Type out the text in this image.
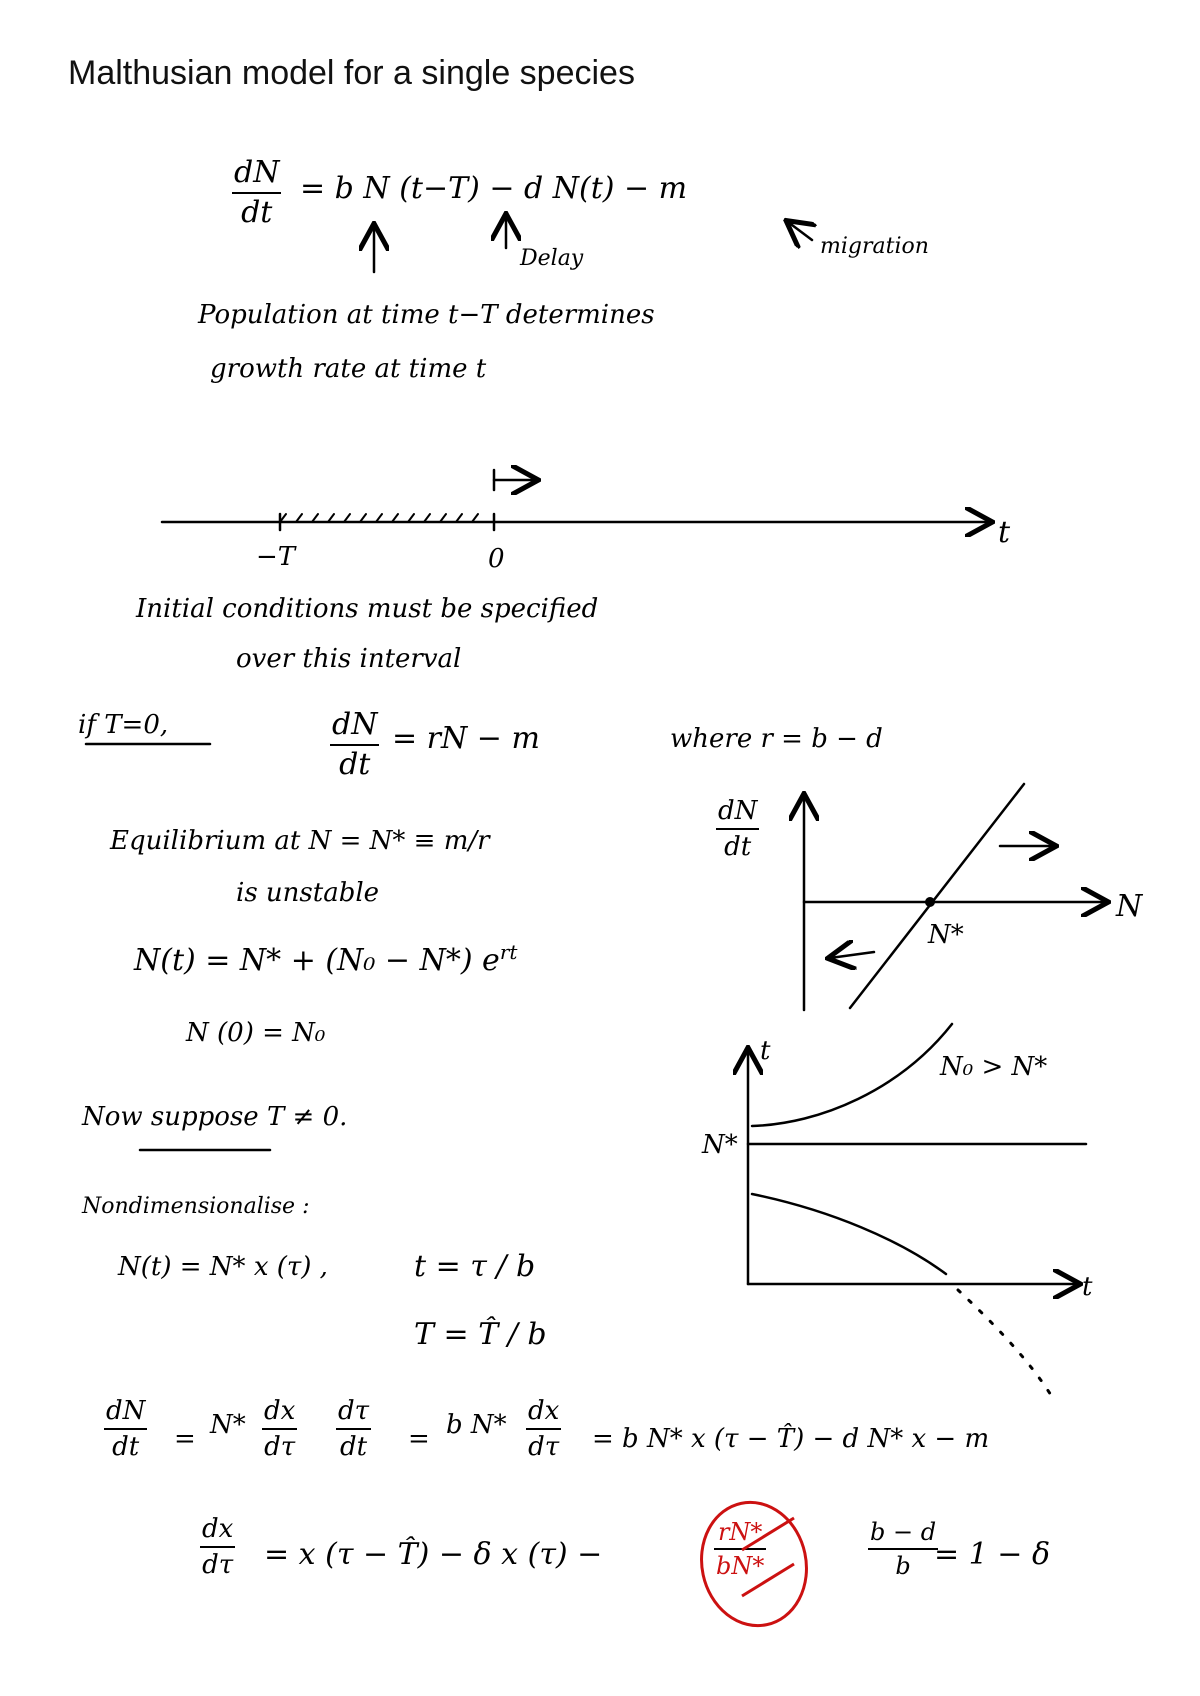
Malthusian model for a single species
dN
dt
= b N (t−T) − d N(t) − m
Delay	migration
Population at time t−T determines
growth rate at time t
−T	0
t
Initial conditions must be specified
over this interval
if T=0,	dN
dt
= rN − m	where r = b − d
Equilibrium at N = N* ≡ m/r
is unstable
N(t) = N* + (N₀ − N*) $e^{rt}$
N (0) = N₀
dN
dt
N
N*
t
t
N*
N₀ > N*
Now suppose T ≠ 0.
Nondimensionalise :
N(t) = N* x (τ) ,	t = τ / b
T = T̂ / b
dN
dt	= N* dx
dτ
dτ
dt = b N* dx
dτ = b N* x (τ − T̂) − d N* x − m
dx
dτ = x (τ − T̂) − δ x (τ) −
rN*
bN*
b − d
b = 1 − δ
